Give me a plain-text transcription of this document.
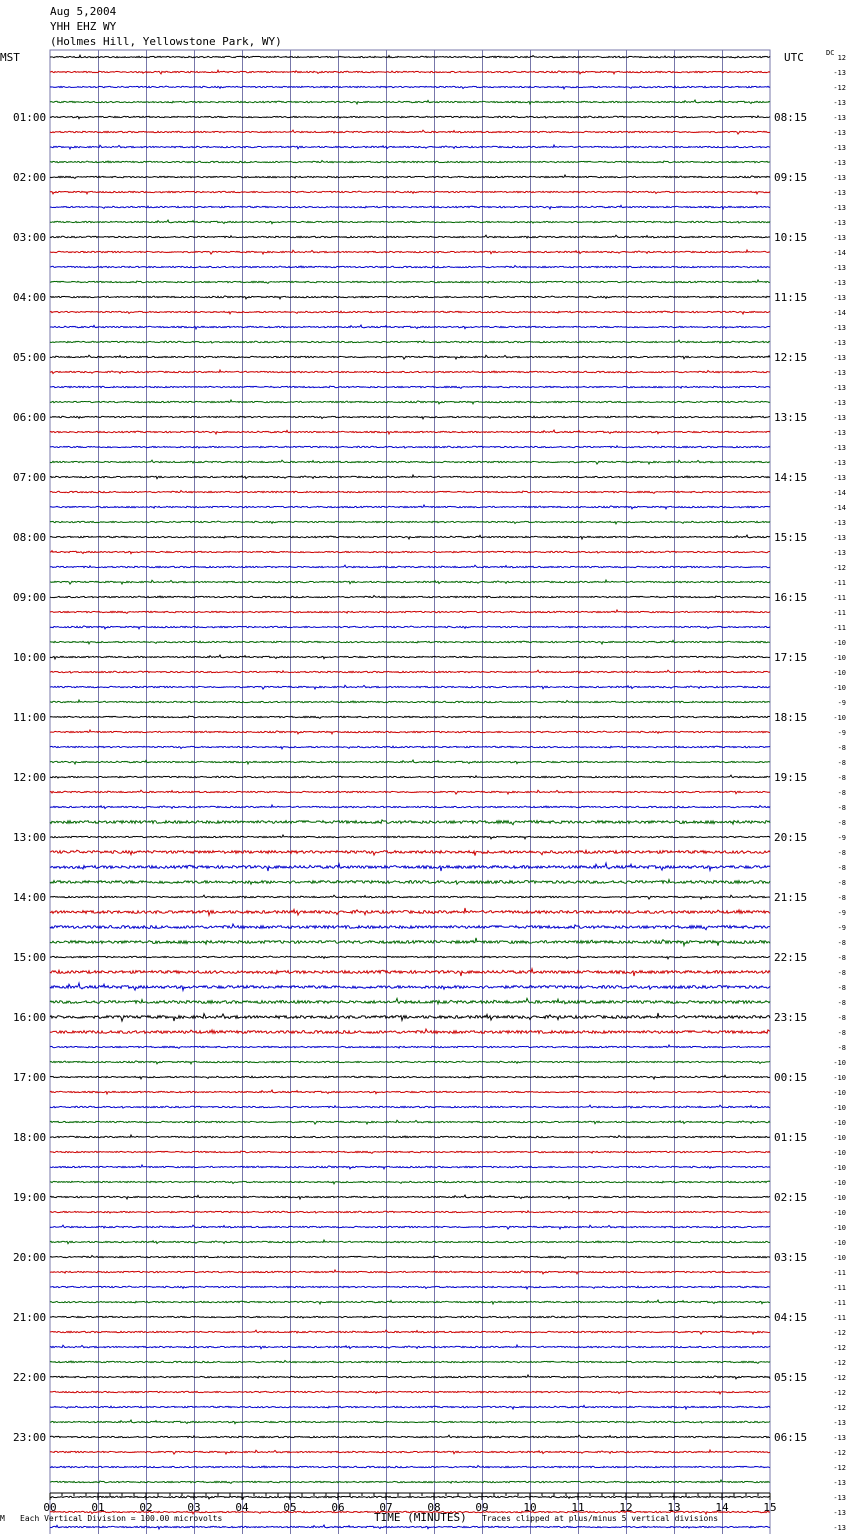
Aug 5,2004
YHH EHZ WY
(Holmes Hill, Yellowstone Park, WY)
12
-13
-12
-13
01:00	08:15	-13
-13
-13
-13
02:00	09:15	-13
-13
-13
-13
03:00	10:15	-13
-14
-13
-13
04:00	11:15	-13
-14
-13
-13
05:00	12:15	-13
-13
-13
-13
06:00	13:15	-13
-13
-13
-13
07:00	14:15	-13
-14
-14
-13
08:00	15:15	-13
-13
-12
-11
09:00	16:15	-11
-11
-11
-10
10:00	17:15	-10
-10
-10
-9
11:00	18:15	-10
-9
-8
-8
12:00	19:15	-8
-8
-8
-8
13:00	20:15	-9
-8
-8
-8
14:00	21:15	-8
-9
-9
-8
15:00	22:15	-8
-8
-8
-8
16:00	23:15	-8
-8
-8
-10
17:00	00:15	-10
-10
-10
-10
18:00	01:15	-10
-10
-10
-10
19:00	02:15	-10
-10
-10
-10
20:00	03:15	-10
-11
-11
-11
21:00	04:15	-11
-12
-12
-12
22:00	05:15	-12
-12
-12
-13
23:00	06:15	-13
-12
-12
-13
-13
-13
-13
MST	UTC	DC
00	01	02	03	04	05	06	07	08	09	10	11	12	13	14	15
M Each Vertical Division = 100.00 microvolts	TIME (MINUTES) Traces clipped at plus/minus 5 vertical divisions
